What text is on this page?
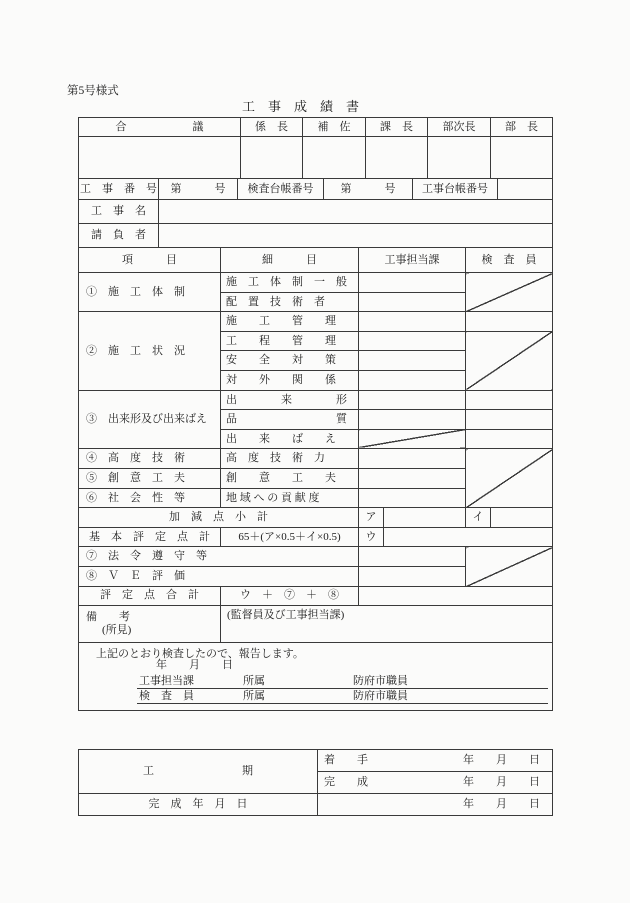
第5号様式
工　事　成　績　書
合　　　　　　議	係　長	補　佐	課　長	部次長	部　長

工　事　番　号	第　　　号	検査台帳番号	第　　　号	工事台帳番号	
工　事　名	
請　負　者	
項　　　目	細　　　目	工事担当課		検　査　員	
①　施　工　体　制	施　工　体　制　一　般				
	配　置　技　術　者				
②　施　工　状　況	施　　工　　管　　理				
	工　　程　　管　　理				
	安　　全　　対　　策				
	対　　外　　関　　係				
③　出来形及び出来ばえ	出　　　　来　　　　形				
	品　　　　　　　　　質				
	出　　来　　ば　　え				
④　高　度　技　術	高　度　技　術　力				
⑤　創　意　工　夫	創　　意　　工　　夫				
⑥　社　会　性　等	地 域 へ の 貢 献 度				
加　減　点　小　計		ア		イ	
基　本　評　定　点　計	65＋(ア×0.5＋イ×0.5)	ウ			
⑦　法　令　遵　守　等					
⑧　Ｖ　Ｅ　評　価					
評　定　点　合　計	ウ　＋　⑦　＋　⑧				
備　　考
(所見)
	(監督員及び工事担当課)
上記のとおり検査したので、報告します。
年　　月　　日
工事担当課	所属	防府市職員
検　査　員	所属	防府市職員
工　　　　　　　　期	着　　手 年　　月　　日

	完　　成 年　　月　　日

完　成　年　月　日	年　　月　　日
